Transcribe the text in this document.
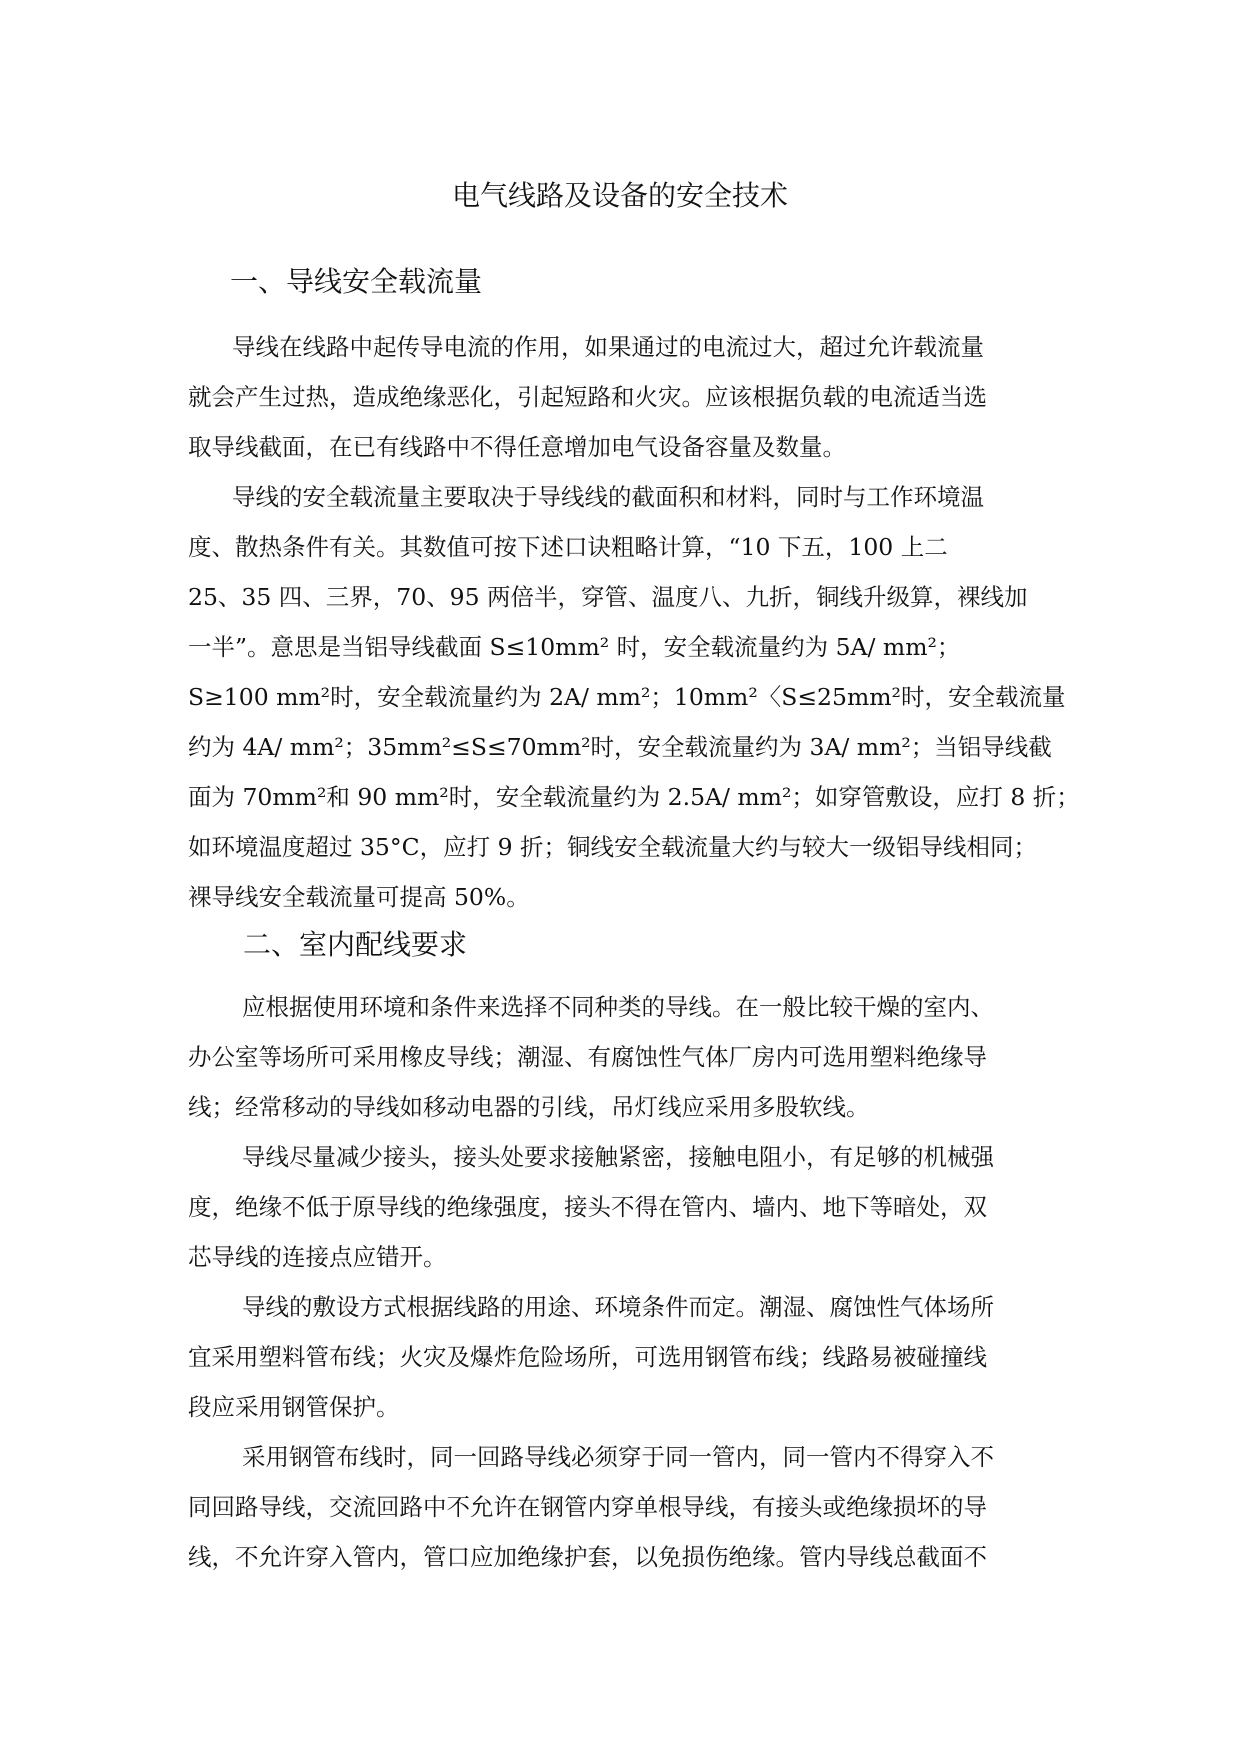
电气线路及设备的安全技术
一、导线安全载流量

导线在线路中起传导电流的作用，如果通过的电流过大，超过允许载流量
就会产生过热，造成绝缘恶化，引起短路和火灾。应该根据负载的电流适当选
取导线截面，在已有线路中不得任意增加电气设备容量及数量。

导线的安全载流量主要取决于导线线的截面积和材料，同时与工作环境温
度、散热条件有关。其数值可按下述口诀粗略计算，“10 下五，100 上二
25、35 四、三界，70、95 两倍半，穿管、温度八、九折，铜线升级算，裸线加
一半”。意思是当铝导线截面 S≤10mm² 时，安全载流量约为 5A/ mm²；
S≥100 mm²时，安全载流量约为 2A/ mm²；10mm²〈S≤25mm²时，安全载流量
约为 4A/ mm²；35mm²≤S≤70mm²时，安全载流量约为 3A/ mm²；当铝导线截
面为 70mm²和 90 mm²时，安全载流量约为 2.5A/ mm²；如穿管敷设，应打 8 折；
如环境温度超过 35°C，应打 9 折；铜线安全载流量大约与较大一级铝导线相同；
裸导线安全载流量可提高 50%。

二、室内配线要求

应根据使用环境和条件来选择不同种类的导线。在一般比较干燥的室内、
办公室等场所可采用橡皮导线；潮湿、有腐蚀性气体厂房内可选用塑料绝缘导
线；经常移动的导线如移动电器的引线，吊灯线应采用多股软线。

导线尽量减少接头，接头处要求接触紧密，接触电阻小，有足够的机械强
度，绝缘不低于原导线的绝缘强度，接头不得在管内、墙内、地下等暗处，双
芯导线的连接点应错开。

导线的敷设方式根据线路的用途、环境条件而定。潮湿、腐蚀性气体场所
宜采用塑料管布线；火灾及爆炸危险场所，可选用钢管布线；线路易被碰撞线
段应采用钢管保护。

采用钢管布线时，同一回路导线必须穿于同一管内，同一管内不得穿入不
同回路导线，交流回路中不允许在钢管内穿单根导线，有接头或绝缘损坏的导
线，不允许穿入管内，管口应加绝缘护套，以免损伤绝缘。管内导线总截面不
